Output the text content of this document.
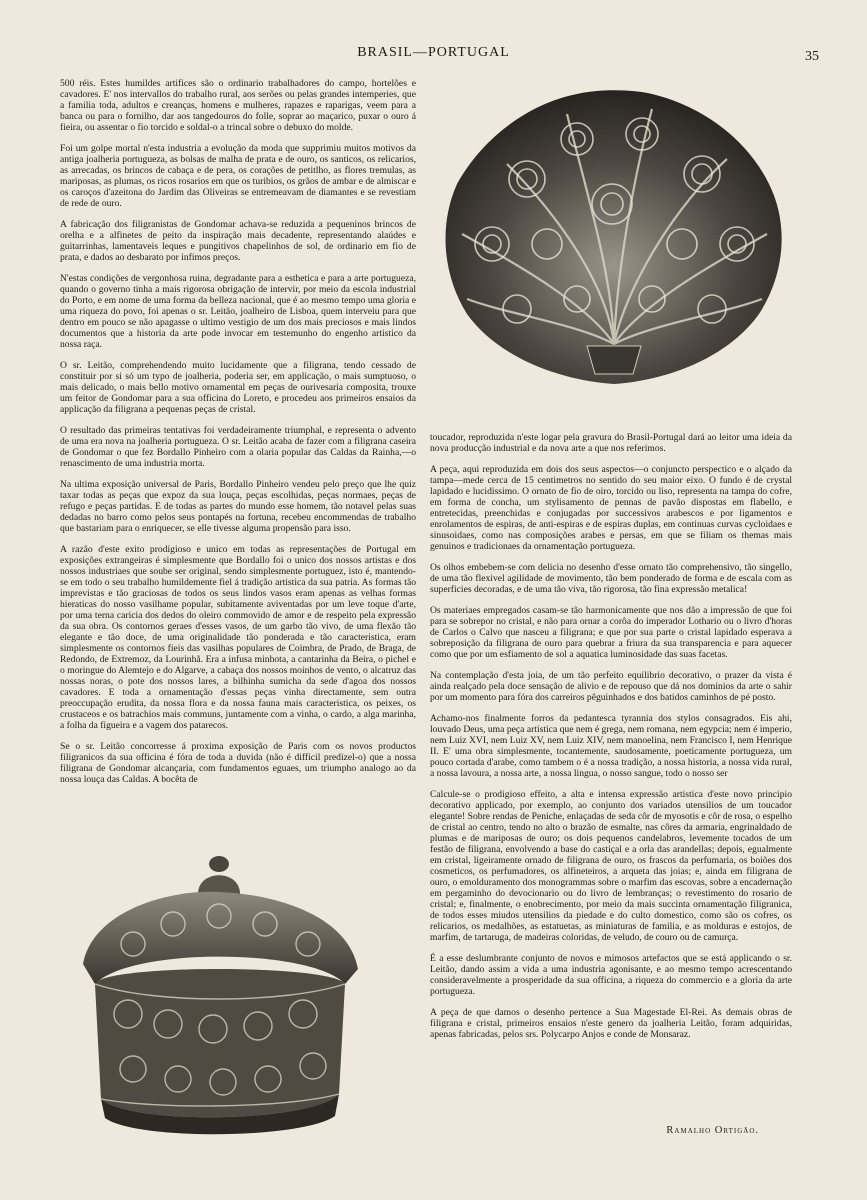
BRASIL—PORTUGAL	35

500 réis. Estes humildes artifices são o ordinario trabalhadores do campo, hortelões e cavadores. E' nos intervallos do trabalho rural, aos serões ou pelas grandes intemperies, que a familia toda, adultos e creanças, homens e mulheres, rapazes e raparigas, veem para a banca ou para o fornilho, dar aos tangedouros do folle, soprar ao maçarico, puxar o ouro á fieira, ou assentar o fio torcido e soldal-o a trincal sobre o debuxo do molde.

Foi um golpe mortal n'esta industria a evolução da moda que supprimiu muitos motivos da antiga joalheria portugueza, as bolsas de malha de prata e de ouro, os santicos, os relicarios, as arrecadas, os brincos de cabaça e de pera, os corações de petitlho, as flores tremulas, as mariposas, as plumas, os ricos rosarios em que os turibios, os grãos de ambar e de almiscar e os caroços d'azeitona do Jardim das Oliveiras se entremeavam de diamantes e se revestiam de rede de ouro.

A fabricação dos filigranistas de Gondomar achava-se reduzida a pequeninos brincos de orelha e a alfinetes de peito da inspiração mais decadente, representando alaúdes e guitarrinhas, lamentaveis leques e pungitivos chapelinhos de sol, de ordinario em fio de prata, e dados ao desbarato por infimos preços.

N'estas condições de vergonhosa ruina, degradante para a esthetica e para a arte portugueza, quando o governo tinha a mais rigorosa obrigação de intervir, por meio da escola industrial do Porto, e em nome de uma forma da belleza nacional, que é ao mesmo tempo uma gloria e uma riqueza do povo, foi apenas o sr. Leitão, joalheiro de Lisboa, quem interveiu para que dentro em pouco se não apagasse o ultimo vestigio de um dos mais preciosos e mais lindos documentos que a historia da arte pode invocar em testemunho do engenho artistico da nossa raça.

O sr. Leitão, comprehendendo muito lucidamente que a filigrana, tendo cessado de constituir por si só um typo de joalheria, poderia ser, em applicação, o mais sumptuoso, o mais delicado, o mais bello motivo ornamental em peças de ourivesaria composita, trouxe um feitor de Gondomar para a sua officina do Loreto, e procedeu aos primeiros ensaios da applicação da filigrana a pequenas peças de cristal.

O resultado das primeiras tentativas foi verdadeiramente triumphal, e representa o advento de uma era nova na joalheria portugueza. O sr. Leitão acaba de fazer com a filigrana caseira de Gondomar o que fez Bordallo Pinheiro com a olaria popular das Caldas da Rainha,—o renascimento de uma industria morta.

Na ultima exposição universal de Paris, Bordallo Pinheiro vendeu pelo preço que lhe quiz taxar todas as peças que expoz da sua louça, peças escolhidas, peças normaes, peças de refugo e peças partidas. E de todas as partes do mundo esse homem, tão notavel pelas suas dedadas no barro como pelos seus pontapés na fortuna, recebeu encommendas de trabalho que bastariam para o enriquecer, se elle tivesse alguma propensão para isso.

A razão d'este exito prodigioso e unico em todas as representações de Portugal em exposições extrangeiras é simplesmente que Bordallo foi o unico dos nossos artistas e dos nossos industriaes que soube ser original, sendo simplesmente portuguez, isto é, mantendo-se em todo o seu trabalho humildemente fiel á tradição artistica da sua patria. As formas tão imprevistas e tão graciosas de todos os seus lindos vasos eram apenas as velhas formas hieraticas do nosso vasilhame popular, subitamente aviventadas por um leve toque d'arte, por uma terna caricia dos dedos do oleiro commovido de amor e de respeito pela expressão da sua obra. Os contornos geraes d'esses vasos, de um garbo tão vivo, de uma flexão tão elegante e tão doce, de uma originalidade tão ponderada e tão caracteristica, eram simplesmente os contornos fieis das vasilhas populares de Coimbra, de Prado, de Braga, de Redondo, de Extremoz, da Lourinhã. Era a infusa minhota, a cantarinha da Beira, o pichel e o moringue do Alemtejo e do Algarve, a cabaça dos nossos moinhos de vento, o alcatruz das nossas noras, o pote dos nossos lares, a bilhinha sumicha da sede d'agoa dos nossos cavadores. E toda a ornamentação d'essas peças vinha directamente, sem outra preoccupação erudita, da nossa flora e da nossa fauna mais caracteristica, os peixes, os crustaceos e os batrachios mais communs, juntamente com a vinha, o cardo, a alga marinha, a folha da figueira e a vagem dos patarecos.

Se o sr. Leitão concorresse á proxima exposição de Paris com os novos productos filigranicos da sua officina é fóra de toda a duvida (não é difficil predizel-o) que a nossa filigrana de Gondomar alcançaria, com fundamentos eguaes, um triumpho analogo ao da nossa louça das Caldas. A bocêta de

toucador, reproduzida n'este logar pela gravura do Brasil-Portugal dará ao leitor uma ideia da nova producção industrial e da nova arte a que nos referimos.

A peça, aqui reproduzida em dois dos seus aspectos—o conjuncto perspectico e o alçado da tampa—mede cerca de 15 centimetros no sentido do seu maior eixo. O fundo é de crystal lapidado e lucidissimo. O ornato de fio de oiro, torcido ou liso, representa na tampa do cofre, em forma de concha, um stylisamento de pennas de pavão dispostas em flabello, e entretecidas, preenchidas e conjugadas por successivos arabescos e por ligamentos e enrolamentos de espiras, de anti-espiras e de espiras duplas, em continuas curvas cycloidaes e sinusoidaes, como nas composições arabes e persas, em que se filiam os themas mais genuinos e tradicionaes da ornamentação portugueza.

Os olhos embebem-se com delicia no desenho d'esse ornato tão comprehensivo, tão singello, de uma tão flexivel agilidade de movimento, tão bem ponderado de forma e de escala com as superficies decoradas, e de uma tão viva, tão rigorosa, tão fina expressão metalica!

Os materiaes empregados casam-se tão harmonicamente que nos dão a impressão de que foi para se sobrepor no cristal, e não para ornar a corôa do imperador Lothario ou o livro d'horas de Carlos o Calvo que nasceu a filigrana; e que por sua parte o cristal lapidado esperava a sobreposição da filigrana de ouro para quebrar a friura da sua transparencia e para aquecer como que por um esfiamento de sol a aquatica luminosidade das suas facetas.

Na contemplação d'esta joia, de um tão perfeito equilibrio decorativo, o prazer da vista é ainda realçado pela doce sensação de alivio e de repouso que dá nos dominios da arte o sahir por um momento para fóra dos carreiros pêguinhados e dos batidos caminhos de pé posto.

Achamo-nos finalmente forros da pedantesca tyrannia dos stylos consagrados. Eis ahi, louvado Deus, uma peça artistica que nem é grega, nem romana, nem egypcia; nem é imperio, nem Luiz XVI, nem Luiz XV, nem Luiz XIV, nem manoelina, nem Francisco I, nem Henrique II. E' uma obra simplesmente, tocantemente, saudosamente, poeticamente portugueza, um pouco cortada d'arabe, como tambem o é a nossa tradição, a nossa historia, a nossa vida rural, a nossa lavoura, a nossa arte, a nossa lingua, o nosso sangue, todo o nosso ser

Calcule-se o prodigioso effeito, a alta e intensa expressão artistica d'este novo principio decorativo applicado, por exemplo, ao conjunto dos variados utensilios de um toucador elegante! Sobre rendas de Peniche, enlaçadas de seda côr de myosotis e côr de rosa, o espelho de cristal ao centro, tendo no alto o brazão de esmalte, nas côres da armaria, engrinaldado de plumas e de mariposas de ouro; os dois pequenos candelabros, levemente tocados de um festão de filigrana, envolvendo a base do castiçal e a orla das arandellas; depois, egualmente em cristal, ligeiramente ornado de filigrana de ouro, os frascos da perfumaria, os boiões dos cosmeticos, os perfumadores, os alfineteiros, a arqueta das joias; e, ainda em filigrana de ouro, o emolduramento dos monogrammas sobre o marfim das escovas, sobre a encadernação em pergaminho do devocionario ou do livro de lembranças; o revestimento do rosario de cristal; e, finalmente, o enobrecimento, por meio da mais succinta ornamentação filigranica, de todos esses miudos utensilios da piedade e do culto domestico, como são os cofres, os relicarios, os medalhões, as estatuetas, as miniaturas de familia, e as molduras e estojos, de marfim, de tartaruga, de madeiras coloridas, de veludo, de couro ou de camurça.

É a esse deslumbrante conjunto de novos e mimosos artefactos que se está applicando o sr. Leitão, dando assim a vida a uma industria agonisante, e ao mesmo tempo acrescentando consideravelmente a prosperidade da sua officina, a riqueza do commercio e a gloria da arte portugueza.

A peça de que damos o desenho pertence a Sua Magestade El-Rei. As demais obras de filigrana e cristal, primeiros ensaios n'este genero da joalheria Leitão, foram adquiridas, apenas fabricadas, pelos srs. Polycarpo Anjos e conde de Monsaraz.

Ramalho Ortigão.
